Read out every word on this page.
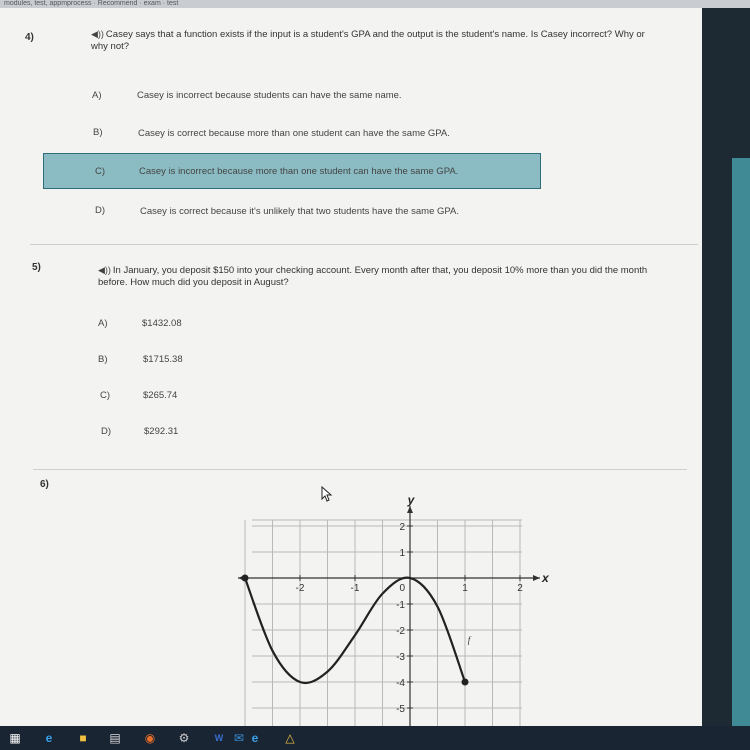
modules, test, appmprocess · Recommend · exam · test
4)	◀)) Casey says that a function exists if the input is a student's GPA and the output is the student's name. Is Casey incorrect? Why or
why not?
A)	Casey is incorrect because students can have the same name.
B)	Casey is correct because more than one student can have the same GPA.
C)	Casey is incorrect because more than one student can have the same GPA.
D)	Casey is correct because it's unlikely that two students have the same GPA.
5)	◀)) In January, you deposit $150 into your checking account. Every month after that, you deposit 10% more than you did the month
before. How much did you deposit in August?
A)	$1432.08
B)	$1715.38
C)	$265.74
D)	$292.31
6)
-2	-1	1	2
2
1
-1
-2
-3
-4
-5
0
f
x
y
▦	e	■ ▤ ◉ ⚙	W ✉ e	△
